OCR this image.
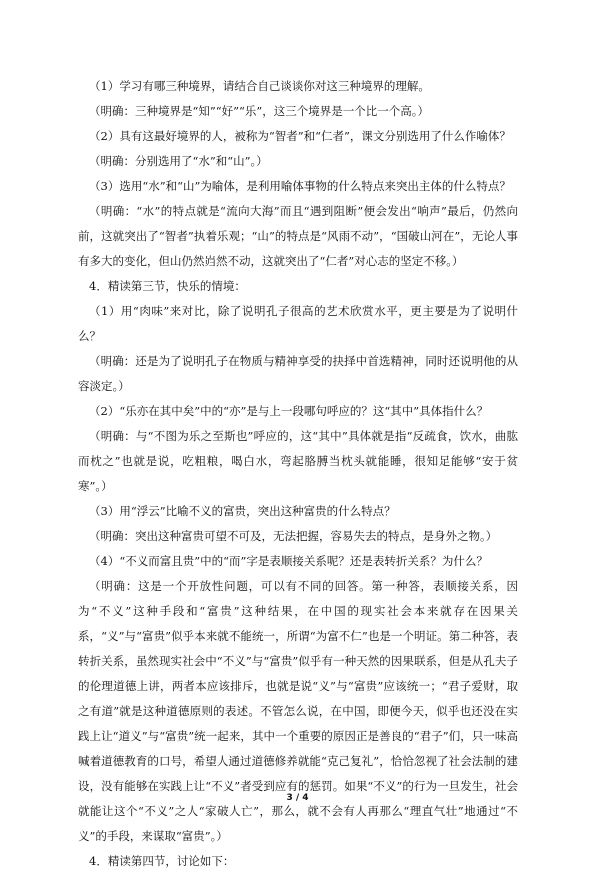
（1）学习有哪三种境界，请结合自己谈谈你对这三种境界的理解。

（明确：三种境界是“知”“好”“乐”，这三个境界是一个比一个高。）

（2）具有这最好境界的人，被称为“智者”和“仁者”，课文分别选用了什么作喻体？

（明确：分别选用了“水”和“山”。）

（3）选用“水”和“山”为喻体，是利用喻体事物的什么特点来突出主体的什么特点？

（明确：“水”的特点就是“流向大海”而且“遇到阻断”便会发出“响声”最后，仍然向前，这就突出了“智者”执着乐观；“山”的特点是“风雨不动”，“国破山河在”，无论人事有多大的变化，但山仍然岿然不动，这就突出了“仁者”对心志的坚定不移。）

4．精读第三节，快乐的情境：

（1）用“肉味”来对比，除了说明孔子很高的艺术欣赏水平，更主要是为了说明什么？

（明确：还是为了说明孔子在物质与精神享受的抉择中首选精神，同时还说明他的从容淡定。）

（2）“乐亦在其中矣”中的“亦”是与上一段哪句呼应的？这“其中”具体指什么？

（明确：与“不图为乐之至斯也”呼应的，这“其中”具体就是指“反疏食，饮水，曲肱而枕之”也就是说，吃粗粮，喝白水，弯起胳膊当枕头就能睡，很知足能够“安于贫寒”。）

（3）用“浮云”比喻不义的富贵，突出这种富贵的什么特点？

（明确：突出这种富贵可望不可及，无法把握，容易失去的特点，是身外之物。）

（4）“不义而富且贵”中的“而”字是表顺接关系呢？还是表转折关系？为什么？

（明确：这是一个开放性问题，可以有不同的回答。第一种答，表顺接关系，因为“不义”这种手段和“富贵”这种结果，在中国的现实社会本来就存在因果关系，“义”与“富贵”似乎本来就不能统一，所谓“为富不仁”也是一个明证。第二种答，表转折关系，虽然现实社会中“不义”与“富贵”似乎有一种天然的因果联系，但是从孔夫子的伦理道德上讲，两者本应该排斥，也就是说“义”与“富贵”应该统一；“君子爱财，取之有道”就是这种道德原则的表述。不管怎么说，在中国，即便今天，似乎也还没在实践上让“道义”与“富贵”统一起来，其中一个重要的原因正是善良的“君子”们，只一味高喊着道德教育的口号，希望人通过道德修养就能“克己复礼”，恰恰忽视了社会法制的建设，没有能够在实践上让“不义”者受到应有的惩罚。如果“不义”的行为一旦发生，社会就能让这个“不义”之人“家破人亡”，那么，就不会有人再那么“理直气壮”地通过“不义”的手段，来谋取“富贵”。）

4．精读第四节，讨论如下：

3 / 4
